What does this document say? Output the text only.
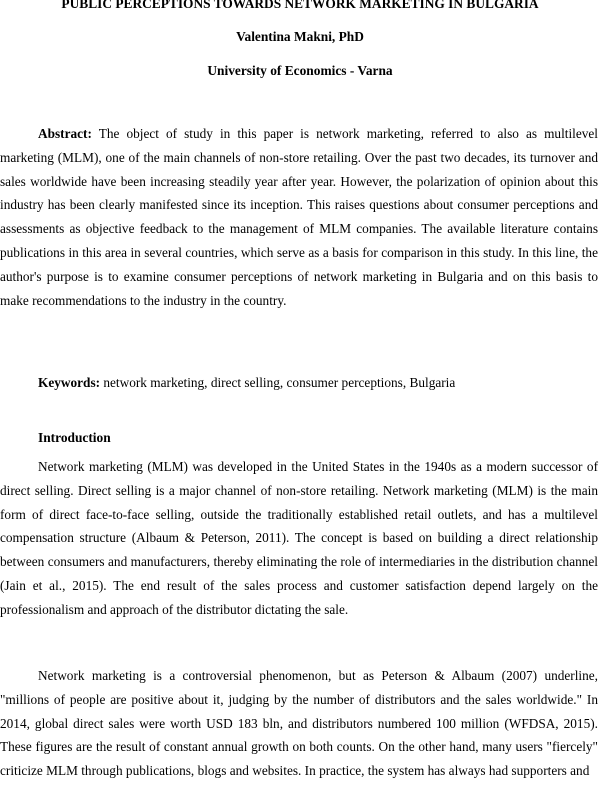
PUBLIC PERCEPTIONS TOWARDS NETWORK MARKETING IN BULGARIA
Valentina Makni, PhD
University of Economics - Varna

Abstract: The object of study in this paper is network marketing, referred to also as multilevel marketing (MLM), one of the main channels of non-store retailing. Over the past two decades, its turnover and sales worldwide have been increasing steadily year after year. However, the polarization of opinion about this industry has been clearly manifested since its inception. This raises questions about consumer perceptions and assessments as objective feedback to the management of MLM companies. The available literature contains publications in this area in several countries, which serve as a basis for comparison in this study. In this line, the author's purpose is to examine consumer perceptions of network marketing in Bulgaria and on this basis to make recommendations to the industry in the country.

Keywords: network marketing, direct selling, consumer perceptions, Bulgaria

Introduction

Network marketing (MLM) was developed in the United States in the 1940s as a modern successor of direct selling. Direct selling is a major channel of non-store retailing. Network marketing (MLM) is the main form of direct face-to-face selling, outside the traditionally established retail outlets, and has a multilevel compensation structure (Albaum & Peterson, 2011). The concept is based on building a direct relationship between consumers and manufacturers, thereby eliminating the role of intermediaries in the distribution channel (Jain et al., 2015). The end result of the sales process and customer satisfaction depend largely on the professionalism and approach of the distributor dictating the sale.

Network marketing is a controversial phenomenon, but as Peterson & Albaum (2007) underline, "millions of people are positive about it, judging by the number of distributors and the sales worldwide." In 2014, global direct sales were worth USD 183 bln, and distributors numbered 100 million (WFDSA, 2015). These figures are the result of constant annual growth on both counts. On the other hand, many users "fiercely" criticize MLM through publications, blogs and websites. In practice, the system has always had supporters and
